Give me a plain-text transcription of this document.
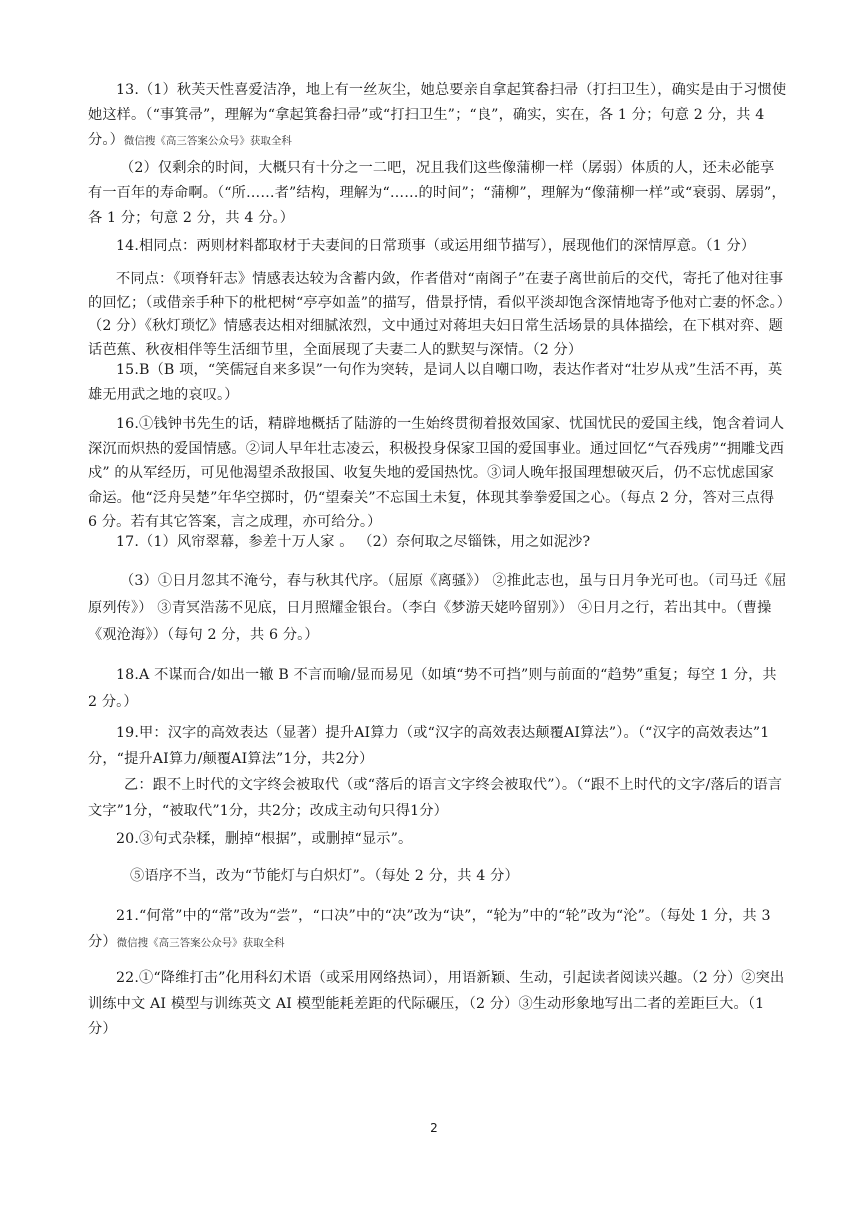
13.（1）秋芙天性喜爱洁净，地上有一丝灰尘，她总要亲自拿起箕畚扫帚（打扫卫生），确实是由于习惯使她这样。（“事箕帚”，理解为“拿起箕畚扫帚”或“打扫卫生”；“良”，确实，实在，各 1 分；句意 2 分，共 4 分。）微信搜《高三答案公众号》获取全科
（2）仅剩余的时间，大概只有十分之一二吧，况且我们这些像蒲柳一样（孱弱）体质的人，还未必能享有一百年的寿命啊。（“所……者”结构，理解为“……的时间”；“蒲柳”，理解为“像蒲柳一样”或“衰弱、孱弱”，各 1 分；句意 2 分，共 4 分。）
14.相同点：两则材料都取材于夫妻间的日常琐事（或运用细节描写），展现他们的深情厚意。（1 分）
不同点：《项脊轩志》情感表达较为含蓄内敛，作者借对“南阁子”在妻子离世前后的交代，寄托了他对往事的回忆；（或借亲手种下的枇杷树“亭亭如盖”的描写，借景抒情，看似平淡却饱含深情地寄予他对亡妻的怀念。）（2 分）《秋灯琐忆》情感表达相对细腻浓烈，文中通过对蒋坦夫妇日常生活场景的具体描绘，在下棋对弈、题话芭蕉、秋夜相伴等生活细节里，全面展现了夫妻二人的默契与深情。（2 分）
15.B（B 项，“笑儒冠自来多误”一句作为突转，是词人以自嘲口吻，表达作者对“壮岁从戎”生活不再，英雄无用武之地的哀叹。）
16.①钱钟书先生的话，精辟地概括了陆游的一生始终贯彻着报效国家、忧国忧民的爱国主线，饱含着词人深沉而炽热的爱国情感。②词人早年壮志凌云，积极投身保家卫国的爱国事业。通过回忆“气吞残虏”“拥雕戈西戍” 的从军经历，可见他渴望杀敌报国、收复失地的爱国热忱。③词人晚年报国理想破灭后，仍不忘忧虑国家命运。他“泛舟吴楚”年华空掷时，仍“望秦关”不忘国土未复，体现其拳拳爱国之心。（每点 2 分，答对三点得 6 分。若有其它答案，言之成理，亦可给分。）
17.（1）风帘翠幕，参差十万人家 。 （2）奈何取之尽锱铢，用之如泥沙?
（3）①日月忽其不淹兮，春与秋其代序。（屈原《离骚》） ②推此志也，虽与日月争光可也。（司马迁《屈原列传》） ③青冥浩荡不见底，日月照耀金银台。（李白《梦游天姥吟留别》） ④日月之行，若出其中。（曹操《观沧海》）（每句 2 分，共 6 分。）
18.A 不谋而合/如出一辙 B 不言而喻/显而易见（如填“势不可挡”则与前面的“趋势”重复；每空 1 分，共 2 分。）
19.甲：汉字的高效表达（显著）提升AI算力（或“汉字的高效表达颠覆AI算法”）。（“汉字的高效表达”1分，“提升AI算力/颠覆AI算法”1分，共2分）
乙：跟不上时代的文字终会被取代（或“落后的语言文字终会被取代”）。（“跟不上时代的文字/落后的语言文字”1分，“被取代”1分，共2分；改成主动句只得1分）
20.③句式杂糅，删掉“根据”，或删掉“显示”。
⑤语序不当，改为“节能灯与白炽灯”。（每处 2 分，共 4 分）
21.“何常”中的“常”改为“尝”，“口决”中的“决”改为“诀”，“轮为”中的“轮”改为“沦”。（每处 1 分，共 3 分）微信搜《高三答案公众号》获取全科
22.①“降维打击”化用科幻术语（或采用网络热词），用语新颖、生动，引起读者阅读兴趣。（2 分）②突出训练中文 AI 模型与训练英文 AI 模型能耗差距的代际碾压，（2 分）③生动形象地写出二者的差距巨大。（1 分）
2
